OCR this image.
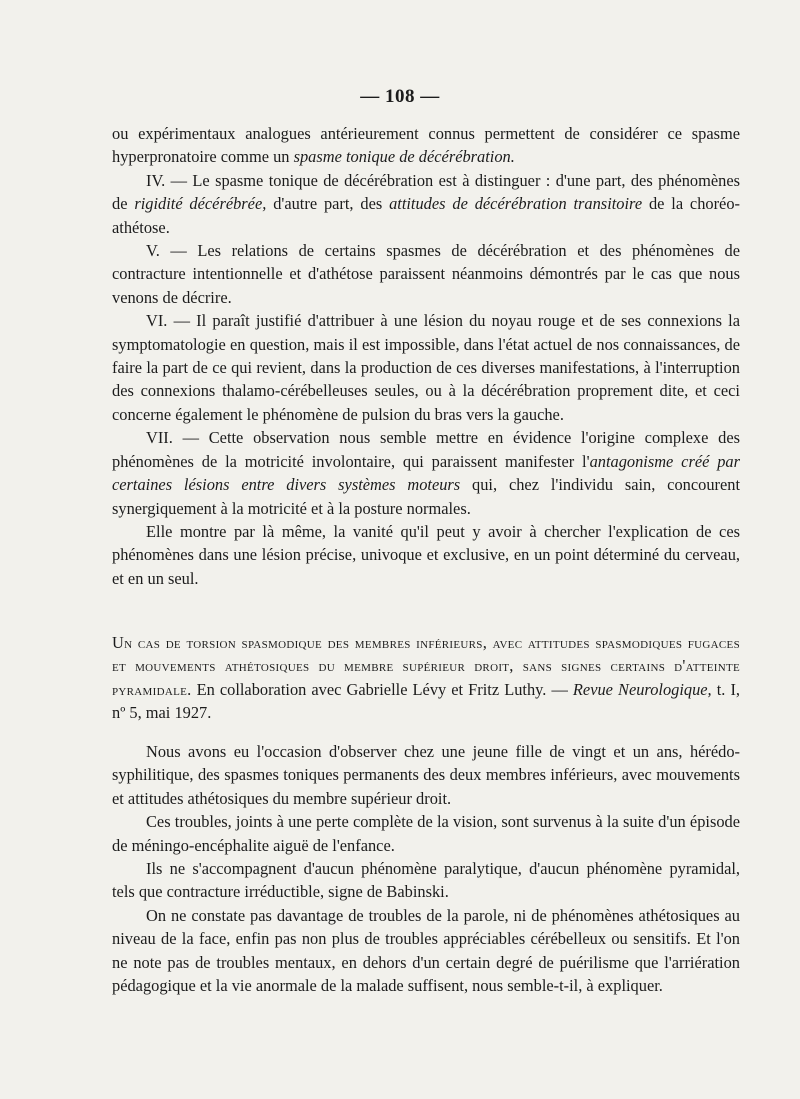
— 108 —

ou expérimentaux analogues antérieurement connus permettent de considérer ce spasme hyperpronatoire comme un spasme tonique de décérébration.

IV. — Le spasme tonique de décérébration est à distinguer : d'une part, des phénomènes de rigidité décérébrée, d'autre part, des attitudes de décérébration transitoire de la choréo-athétose.

V. — Les relations de certains spasmes de décérébration et des phénomènes de contracture intentionnelle et d'athétose paraissent néanmoins démontrés par le cas que nous venons de décrire.

VI. — Il paraît justifié d'attribuer à une lésion du noyau rouge et de ses connexions la symptomatologie en question, mais il est impossible, dans l'état actuel de nos connaissances, de faire la part de ce qui revient, dans la production de ces diverses manifestations, à l'interruption des connexions thalamo-cérébelleuses seules, ou à la décérébration proprement dite, et ceci concerne également le phénomène de pulsion du bras vers la gauche.

VII. — Cette observation nous semble mettre en évidence l'origine complexe des phénomènes de la motricité involontaire, qui paraissent manifester l'antagonisme créé par certaines lésions entre divers systèmes moteurs qui, chez l'individu sain, concourent synergiquement à la motricité et à la posture normales.

Elle montre par là même, la vanité qu'il peut y avoir à chercher l'explication de ces phénomènes dans une lésion précise, univoque et exclusive, en un point déterminé du cerveau, et en un seul.

Un cas de torsion spasmodique des membres inférieurs, avec attitudes spasmodiques fugaces et mouvements athétosiques du membre supérieur droit, sans signes certains d'atteinte pyramidale. En collaboration avec Gabrielle Lévy et Fritz Luthy. — Revue Neurologique, t. I, nº 5, mai 1927.

Nous avons eu l'occasion d'observer chez une jeune fille de vingt et un ans, hérédo-syphilitique, des spasmes toniques permanents des deux membres inférieurs, avec mouvements et attitudes athétosiques du membre supérieur droit.

Ces troubles, joints à une perte complète de la vision, sont survenus à la suite d'un épisode de méningo-encéphalite aiguë de l'enfance.

Ils ne s'accompagnent d'aucun phénomène paralytique, d'aucun phénomène pyramidal, tels que contracture irréductible, signe de Babinski.

On ne constate pas davantage de troubles de la parole, ni de phénomènes athétosiques au niveau de la face, enfin pas non plus de troubles appréciables cérébelleux ou sensitifs. Et l'on ne note pas de troubles mentaux, en dehors d'un certain degré de puérilisme que l'arriération pédagogique et la vie anormale de la malade suffisent, nous semble-t-il, à expliquer.
